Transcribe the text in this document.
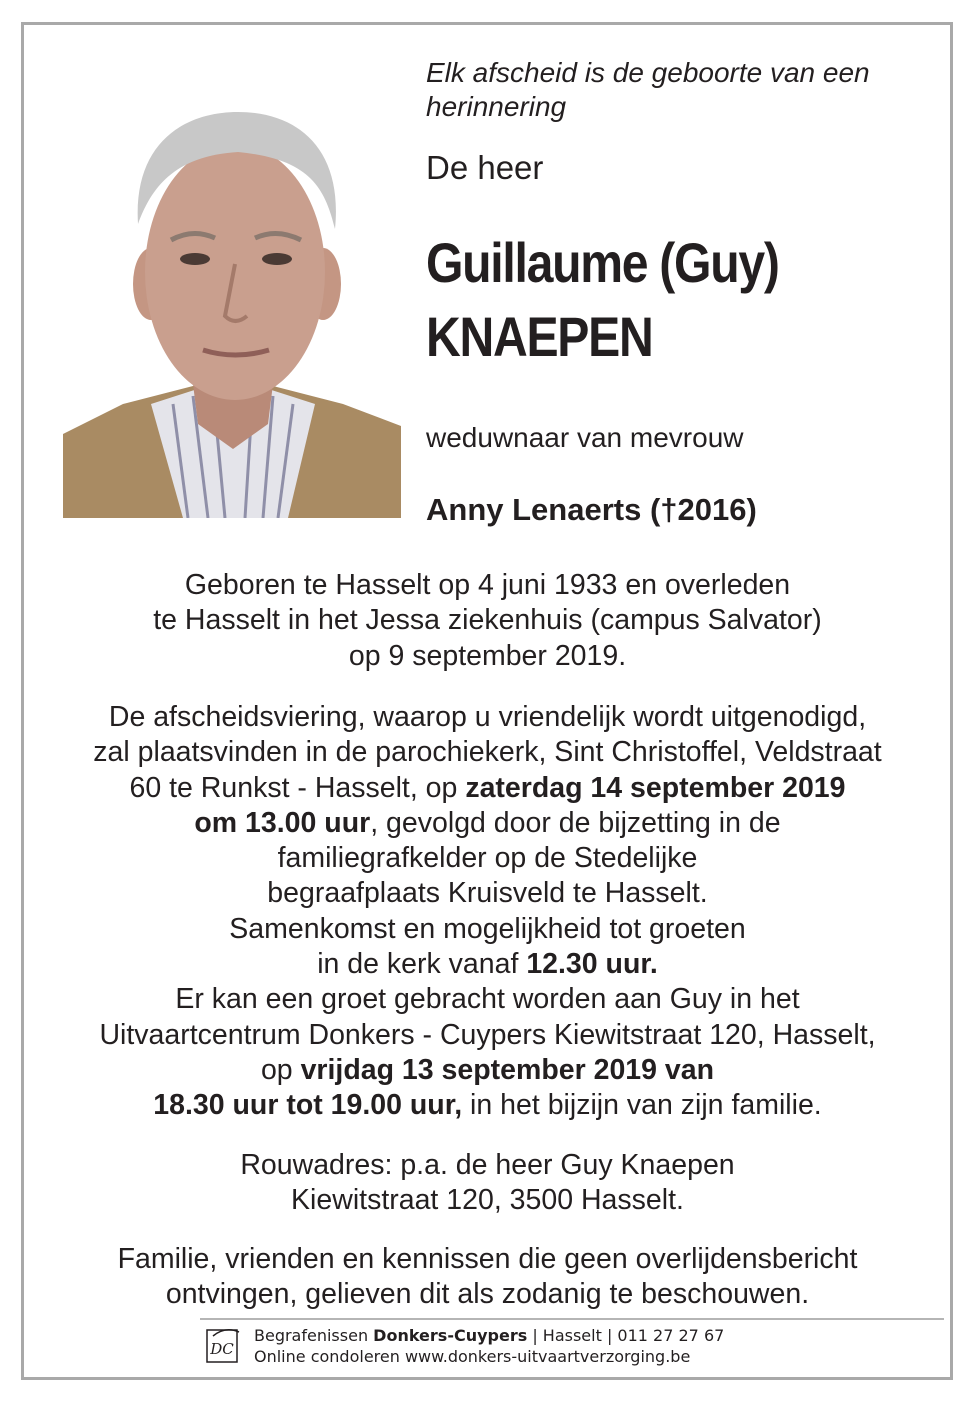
Elk afscheid is de geboorte van een
herinnering

De heer

Guillaume (Guy)
KNAEPEN

weduwnaar van mevrouw

Anny Lenaerts (†2016)

Geboren te Hasselt op 4 juni 1933 en overleden
te Hasselt in het Jessa ziekenhuis (campus Salvator)
op 9 september 2019.

De afscheidsviering, waarop u vriendelijk wordt uitgenodigd,
zal plaatsvinden in de parochiekerk, Sint Christoffel, Veldstraat
60 te Runkst - Hasselt, op zaterdag 14 september 2019
om 13.00 uur, gevolgd door de bijzetting in de
familiegrafkelder op de Stedelijke
begraafplaats Kruisveld te Hasselt.
Samenkomst en mogelijkheid tot groeten
in de kerk vanaf 12.30 uur.
Er kan een groet gebracht worden aan Guy in het
Uitvaartcentrum Donkers - Cuypers Kiewitstraat 120, Hasselt,
op vrijdag 13 september 2019 van
18.30 uur tot 19.00 uur, in het bijzijn van zijn familie.

Rouwadres: p.a. de heer Guy Knaepen
Kiewitstraat 120, 3500 Hasselt.

Familie, vrienden en kennissen die geen overlijdensbericht
ontvingen, gelieven dit als zodanig te beschouwen.

DC

Begrafenissen Donkers-Cuypers | Hasselt | 011 27 27 67
Online condoleren www.donkers-uitvaartverzorging.be
